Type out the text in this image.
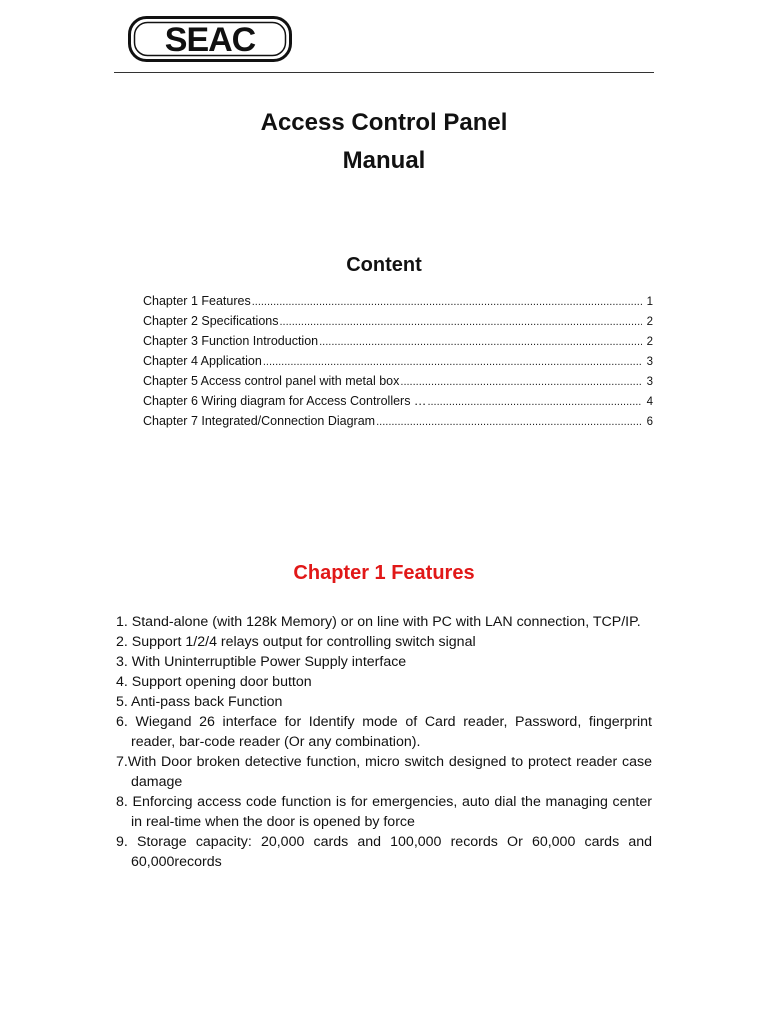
SEAC
Access Control Panel
Manual
Content
Chapter 1 Features .....	1
Chapter 2 Specifications .....	2
Chapter 3 Function Introduction .....	2
Chapter 4 Application .....	3
Chapter 5 Access control panel with metal box .....	3
Chapter 6 Wiring diagram for Access Controllers … .....	4
Chapter 7 Integrated/Connection Diagram .....	6
Chapter 1 Features
1. Stand-alone (with 128k Memory) or on line with PC with LAN connection, TCP/IP.
2. Support 1/2/4 relays output for controlling switch signal
3. With Uninterruptible Power Supply interface
4. Support opening door button
5. Anti-pass back Function
6. Wiegand 26 interface for Identify mode of Card reader, Password, fingerprint reader, bar-code reader (Or any combination).
7.With Door broken detective function, micro switch designed to protect reader case damage
8. Enforcing access code function is for emergencies, auto dial the managing center in real-time when the door is opened by force
9. Storage capacity: 20,000 cards and 100,000 records Or 60,000 cards and 60,000records
